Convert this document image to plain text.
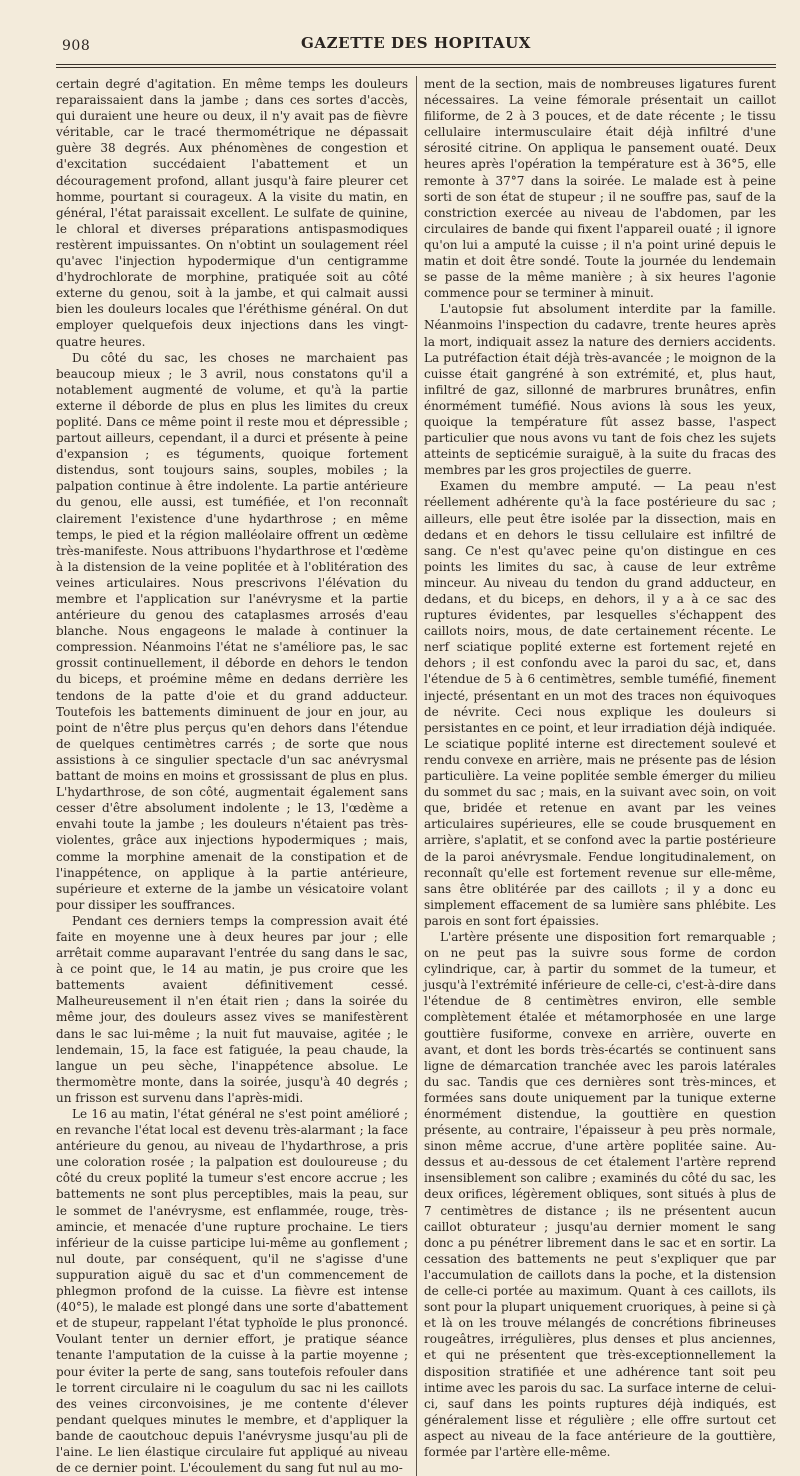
908	GAZETTE DES HOPITAUX

certain degré d'agitation. En même temps les douleurs reparaissaient dans la jambe ; dans ces sortes d'accès, qui duraient une heure ou deux, il n'y avait pas de fièvre véritable, car le tracé thermométrique ne dépassait guère 38 degrés. Aux phénomènes de congestion et d'excitation succédaient l'abattement et un découragement profond, allant jusqu'à faire pleurer cet homme, pourtant si courageux. A la visite du matin, en général, l'état paraissait excellent. Le sulfate de quinine, le chloral et diverses préparations antispasmodiques restèrent impuissantes. On n'obtint un soulagement réel qu'avec l'injection hypodermique d'un centigramme d'hydrochlorate de morphine, pratiquée soit au côté externe du genou, soit à la jambe, et qui calmait aussi bien les douleurs locales que l'éréthisme général. On dut employer quelquefois deux injections dans les vingt-quatre heures.

Du côté du sac, les choses ne marchaient pas beaucoup mieux ; le 3 avril, nous constatons qu'il a notablement augmenté de volume, et qu'à la partie externe il déborde de plus en plus les limites du creux poplité. Dans ce même point il reste mou et dépressible ; partout ailleurs, cependant, il a durci et présente à peine d'expansion ; es téguments, quoique fortement distendus, sont toujours sains, souples, mobiles ; la palpation continue à être indolente. La partie antérieure du genou, elle aussi, est tuméfiée, et l'on reconnaît clairement l'existence d'une hydarthrose ; en même temps, le pied et la région malléolaire offrent un œdème très-manifeste. Nous attribuons l'hydarthrose et l'œdème à la distension de la veine poplitée et à l'oblitération des veines articulaires. Nous prescrivons l'élévation du membre et l'application sur l'anévrysme et la partie antérieure du genou des cataplasmes arrosés d'eau blanche. Nous engageons le malade à continuer la compression. Néanmoins l'état ne s'améliore pas, le sac grossit continuellement, il déborde en dehors le tendon du biceps, et proémine même en dedans derrière les tendons de la patte d'oie et du grand adducteur. Toutefois les battements diminuent de jour en jour, au point de n'être plus perçus qu'en dehors dans l'étendue de quelques centimètres carrés ; de sorte que nous assistions à ce singulier spectacle d'un sac anévrysmal battant de moins en moins et grossissant de plus en plus. L'hydarthrose, de son côté, augmentait également sans cesser d'être absolument indolente ; le 13, l'œdème a envahi toute la jambe ; les douleurs n'étaient pas très-violentes, grâce aux injections hypodermiques ; mais, comme la morphine amenait de la constipation et de l'inappétence, on applique à la partie antérieure, supérieure et externe de la jambe un vésicatoire volant pour dissiper les souffrances.

Pendant ces derniers temps la compression avait été faite en moyenne une à deux heures par jour ; elle arrêtait comme auparavant l'entrée du sang dans le sac, à ce point que, le 14 au matin, je pus croire que les battements avaient définitivement cessé. Malheureusement il n'en était rien ; dans la soirée du même jour, des douleurs assez vives se manifestèrent dans le sac lui-même ; la nuit fut mauvaise, agitée ; le lendemain, 15, la face est fatiguée, la peau chaude, la langue un peu sèche, l'inappétence absolue. Le thermomètre monte, dans la soirée, jusqu'à 40 degrés ; un frisson est survenu dans l'après-midi.

Le 16 au matin, l'état général ne s'est point amélioré ; en revanche l'état local est devenu très-alarmant ; la face antérieure du genou, au niveau de l'hydarthrose, a pris une coloration rosée ; la palpation est douloureuse ; du côté du creux poplité la tumeur s'est encore accrue ; les battements ne sont plus perceptibles, mais la peau, sur le sommet de l'anévrysme, est enflammée, rouge, très-amincie, et menacée d'une rupture prochaine. Le tiers inférieur de la cuisse participe lui-même au gonflement ; nul doute, par conséquent, qu'il ne s'agisse d'une suppuration aiguë du sac et d'un commencement de phlegmon profond de la cuisse. La fièvre est intense (40°5), le malade est plongé dans une sorte d'abattement et de stupeur, rappelant l'état typhoïde le plus prononcé. Voulant tenter un dernier effort, je pratique séance tenante l'amputation de la cuisse à la partie moyenne ; pour éviter la perte de sang, sans toutefois refouler dans le torrent circulaire ni le coagulum du sac ni les caillots des veines circonvoisines, je me contente d'élever pendant quelques minutes le membre, et d'appliquer la bande de caoutchouc depuis l'anévrysme jusqu'au pli de l'aine. Le lien élastique circulaire fut appliqué au niveau de ce dernier point. L'écoulement du sang fut nul au mo-

ment de la section, mais de nombreuses ligatures furent nécessaires. La veine fémorale présentait un caillot filiforme, de 2 à 3 pouces, et de date récente ; le tissu cellulaire intermusculaire était déjà infiltré d'une sérosité citrine. On appliqua le pansement ouaté. Deux heures après l'opération la température est à 36°5, elle remonte à 37°7 dans la soirée. Le malade est à peine sorti de son état de stupeur ; il ne souffre pas, sauf de la constriction exercée au niveau de l'abdomen, par les circulaires de bande qui fixent l'appareil ouaté ; il ignore qu'on lui a amputé la cuisse ; il n'a point uriné depuis le matin et doit être sondé. Toute la journée du lendemain se passe de la même manière ; à six heures l'agonie commence pour se terminer à minuit.

L'autopsie fut absolument interdite par la famille. Néanmoins l'inspection du cadavre, trente heures après la mort, indiquait assez la nature des derniers accidents. La putréfaction était déjà très-avancée ; le moignon de la cuisse était gangréné à son extrémité, et, plus haut, infiltré de gaz, sillonné de marbrures brunâtres, enfin énormément tuméfié. Nous avions là sous les yeux, quoique la température fût assez basse, l'aspect particulier que nous avons vu tant de fois chez les sujets atteints de septicémie suraiguë, à la suite du fracas des membres par les gros projectiles de guerre.

Examen du membre amputé. — La peau n'est réellement adhérente qu'à la face postérieure du sac ; ailleurs, elle peut être isolée par la dissection, mais en dedans et en dehors le tissu cellulaire est infiltré de sang. Ce n'est qu'avec peine qu'on distingue en ces points les limites du sac, à cause de leur extrême minceur. Au niveau du tendon du grand adducteur, en dedans, et du biceps, en dehors, il y a à ce sac des ruptures évidentes, par lesquelles s'échappent des caillots noirs, mous, de date certainement récente. Le nerf sciatique poplité externe est fortement rejeté en dehors ; il est confondu avec la paroi du sac, et, dans l'étendue de 5 à 6 centimètres, semble tuméfié, finement injecté, présentant en un mot des traces non équivoques de névrite. Ceci nous explique les douleurs si persistantes en ce point, et leur irradiation déjà indiquée. Le sciatique poplité interne est directement soulevé et rendu convexe en arrière, mais ne présente pas de lésion particulière. La veine poplitée semble émerger du milieu du sommet du sac ; mais, en la suivant avec soin, on voit que, bridée et retenue en avant par les veines articulaires supérieures, elle se coude brusquement en arrière, s'aplatit, et se confond avec la partie postérieure de la paroi anévrysmale. Fendue longitudinalement, on reconnaît qu'elle est fortement revenue sur elle-même, sans être oblitérée par des caillots ; il y a donc eu simplement effacement de sa lumière sans phlébite. Les parois en sont fort épaissies.

L'artère présente une disposition fort remarquable ; on ne peut pas la suivre sous forme de cordon cylindrique, car, à partir du sommet de la tumeur, et jusqu'à l'extrémité inférieure de celle-ci, c'est-à-dire dans l'étendue de 8 centimètres environ, elle semble complètement étalée et métamorphosée en une large gouttière fusiforme, convexe en arrière, ouverte en avant, et dont les bords très-écartés se continuent sans ligne de démarcation tranchée avec les parois latérales du sac. Tandis que ces dernières sont très-minces, et formées sans doute uniquement par la tunique externe énormément distendue, la gouttière en question présente, au contraire, l'épaisseur à peu près normale, sinon même accrue, d'une artère poplitée saine. Au-dessus et au-dessous de cet étalement l'artère reprend insensiblement son calibre ; examinés du côté du sac, les deux orifices, légèrement obliques, sont situés à plus de 7 centimètres de distance ; ils ne présentent aucun caillot obturateur ; jusqu'au dernier moment le sang donc a pu pénétrer librement dans le sac et en sortir. La cessation des battements ne peut s'expliquer que par l'accumulation de caillots dans la poche, et la distension de celle-ci portée au maximum. Quant à ces caillots, ils sont pour la plupart uniquement cruoriques, à peine si çà et là on les trouve mélangés de concrétions fibrineuses rougeâtres, irrégulières, plus denses et plus anciennes, et qui ne présentent que très-exceptionnellement la disposition stratifiée et une adhérence tant soit peu intime avec les parois du sac. La surface interne de celui-ci, sauf dans les points ruptures déjà indiqués, est généralement lisse et régulière ; elle offre surtout cet aspect au niveau de la face antérieure de la gouttière, formée par l'artère elle-même.
